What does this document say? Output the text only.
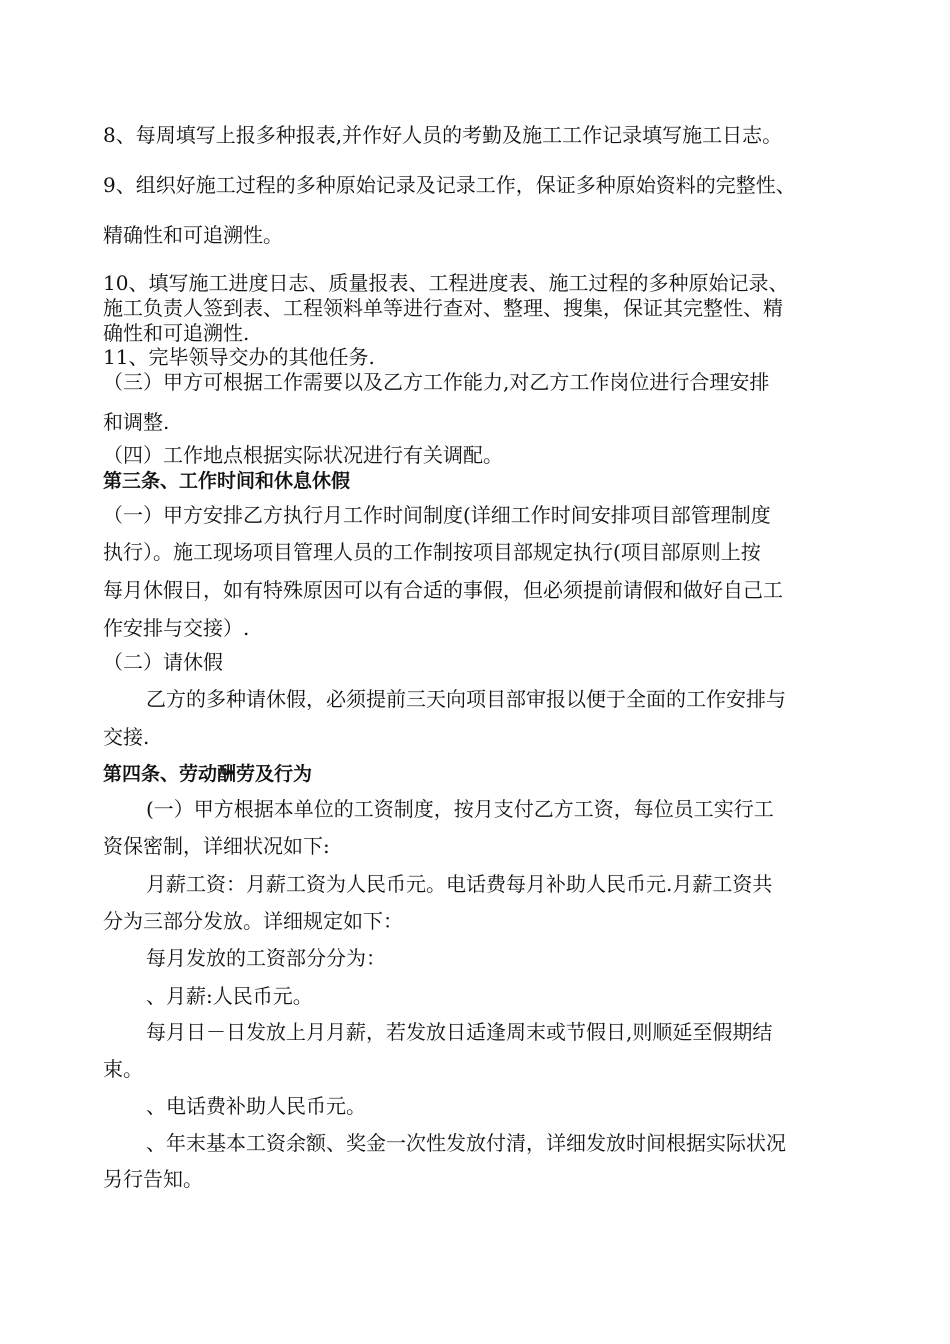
8、每周填写上报多种报表,并作好人员的考勤及施工工作记录填写施工日志。
9、组织好施工过程的多种原始记录及记录工作，保证多种原始资料的完整性、
精确性和可追溯性。
10、填写施工进度日志、质量报表、工程进度表、施工过程的多种原始记录、
施工负责人签到表、工程领料单等进行查对、整理、搜集，保证其完整性、精
确性和可追溯性.
11、完毕领导交办的其他任务.
（三）甲方可根据工作需要以及乙方工作能力,对乙方工作岗位进行合理安排
和调整.
（四）工作地点根据实际状况进行有关调配。
第三条、工作时间和休息休假
（一）甲方安排乙方执行月工作时间制度(详细工作时间安排项目部管理制度
执行）。施工现场项目管理人员的工作制按项目部规定执行(项目部原则上按
每月休假日，如有特殊原因可以有合适的事假，但必须提前请假和做好自己工
作安排与交接）.
（二）请休假
乙方的多种请休假，必须提前三天向项目部审报以便于全面的工作安排与
交接.
第四条、劳动酬劳及行为
(一）甲方根据本单位的工资制度，按月支付乙方工资，每位员工实行工
资保密制，详细状况如下:
月薪工资：月薪工资为人民币元。电话费每月补助人民币元.月薪工资共
分为三部分发放。详细规定如下：
每月发放的工资部分分为：
、月薪:人民币元。
每月日－日发放上月月薪，若发放日适逢周末或节假日,则顺延至假期结
束。
、电话费补助人民币元。
、年末基本工资余额、奖金一次性发放付清，详细发放时间根据实际状况
另行告知。
